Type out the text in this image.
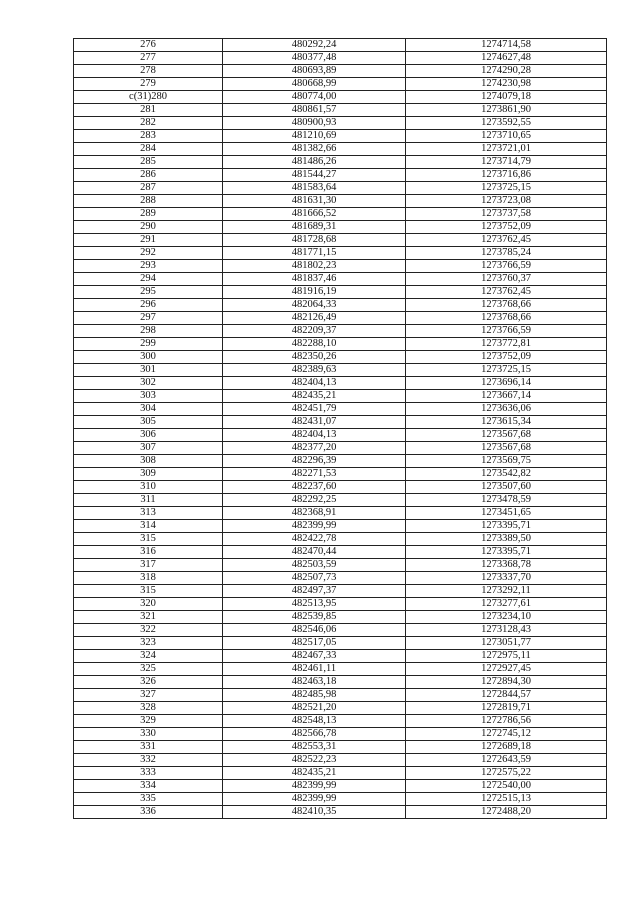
276	480292,24	1274714,58
277	480377,48	1274627,48
278	480693,89	1274290,28
279	480668,99	1274230,98
c(31)280	480774,00	1274079,18
281	480861,57	1273861,90
282	480900,93	1273592,55
283	481210,69	1273710,65
284	481382,66	1273721,01
285	481486,26	1273714,79
286	481544,27	1273716,86
287	481583,64	1273725,15
288	481631,30	1273723,08
289	481666,52	1273737,58
290	481689,31	1273752,09
291	481728,68	1273762,45
292	481771,15	1273785,24
293	481802,23	1273766,59
294	481837,46	1273760,37
295	481916,19	1273762,45
296	482064,33	1273768,66
297	482126,49	1273768,66
298	482209,37	1273766,59
299	482288,10	1273772,81
300	482350,26	1273752,09
301	482389,63	1273725,15
302	482404,13	1273696,14
303	482435,21	1273667,14
304	482451,79	1273636,06
305	482431,07	1273615,34
306	482404,13	1273567,68
307	482377,20	1273567,68
308	482296,39	1273569,75
309	482271,53	1273542,82
310	482237,60	1273507,60
311	482292,25	1273478,59
313	482368,91	1273451,65
314	482399,99	1273395,71
315	482422,78	1273389,50
316	482470,44	1273395,71
317	482503,59	1273368,78
318	482507,73	1273337,70
315	482497,37	1273292,11
320	482513,95	1273277,61
321	482539,85	1273234,10
322	482546,06	1273128,43
323	482517,05	1273051,77
324	482467,33	1272975,11
325	482461,11	1272927,45
326	482463,18	1272894,30
327	482485,98	1272844,57
328	482521,20	1272819,71
329	482548,13	1272786,56
330	482566,78	1272745,12
331	482553,31	1272689,18
332	482522,23	1272643,59
333	482435,21	1272575,22
334	482399,99	1272540,00
335	482399,99	1272515,13
336	482410,35	1272488,20
